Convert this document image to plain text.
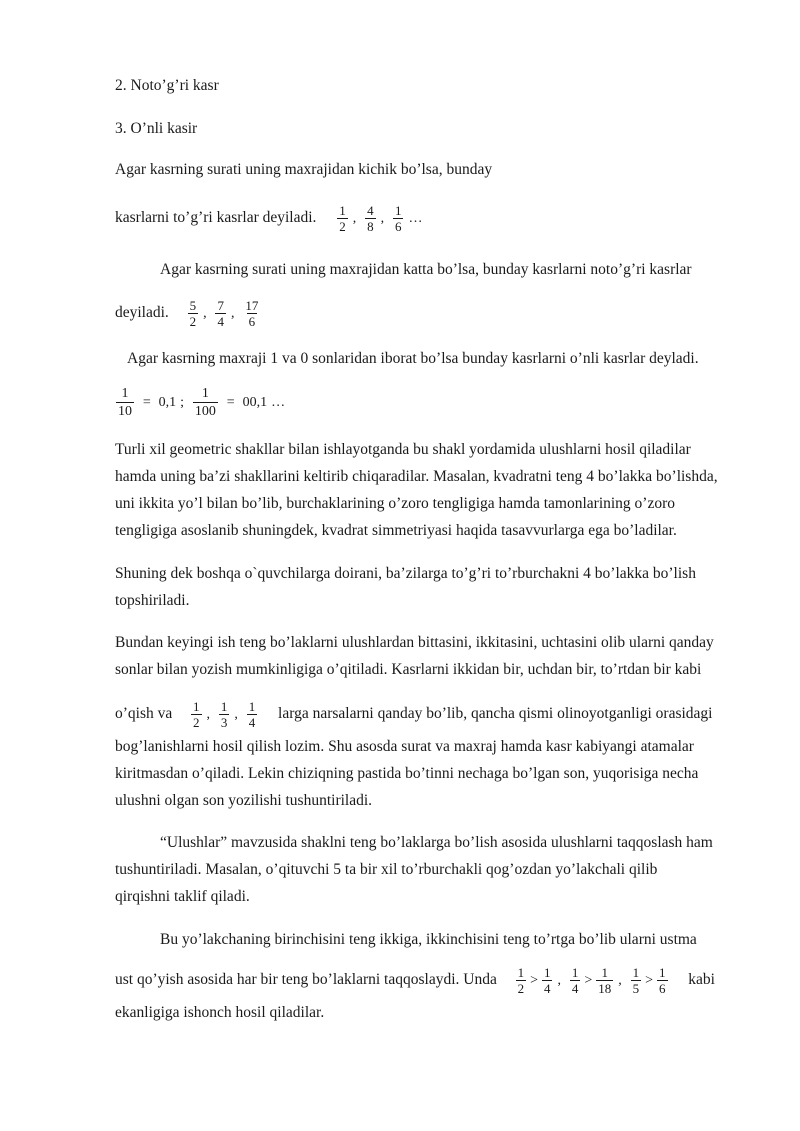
2. Noto’g’ri kasr
3. O’nli kasir
Agar kasrning surati uning maxrajidan kichik bo’lsa, bunday
kasrlarni to’g’ri kasrlar deyiladi. $\frac{1}{2}$ , $\frac{4}{8}$ , $\frac{1}{6}$ …
Agar kasrning surati uning maxrajidan katta bo’lsa, bunday kasrlarni noto’g’ri kasrlar
deyiladi. $\frac{5}{2}$ , $\frac{7}{4}$ , $\frac{17}{6}$
Agar kasrning maxraji 1 va 0 sonlaridan iborat bo’lsa bunday kasrlarni o’nli kasrlar deyladi.
$\frac{1}{10} = 0,1$ ; $\frac{1}{100} = 00,1$ …
Turli xil geometric shakllar bilan ishlayotganda bu shakl yordamida ulushlarni hosil qiladilar
hamda uning ba’zi shakllarini keltirib chiqaradilar. Masalan, kvadratni teng 4 bo’lakka bo’lishda,
uni ikkita yo’l bilan bo’lib, burchaklarining o’zoro tengligiga hamda tamonlarining o’zoro
tengligiga asoslanib shuningdek, kvadrat simmetriyasi haqida tasavvurlarga ega bo’ladilar.
Shuning dek boshqa o`quvchilarga doirani, ba’zilarga to’g’ri to’rburchakni 4 bo’lakka bo’lish
topshiriladi.
Bundan keyingi ish teng bo’laklarni ulushlardan bittasini, ikkitasini, uchtasini olib ularni qanday
sonlar bilan yozish mumkinligiga o’qitiladi. Kasrlarni ikkidan bir, uchdan bir, to’rtdan bir kabi
o’qish va $\frac{1}{2}$ , $\frac{1}{3}$ , $\frac{1}{4}$ larga narsalarni qanday bo’lib, qancha qismi olinoyotganligi orasidagi
bog’lanishlarni hosil qilish lozim. Shu asosda surat va maxraj hamda kasr kabiyangi atamalar
kiritmasdan o’qiladi. Lekin chiziqning pastida bo’tinni nechaga bo’lgan son, yuqorisiga necha
ulushni olgan son yozilishi tushuntiriladi.
“Ulushlar” mavzusida shaklni teng bo’laklarga bo’lish asosida ulushlarni taqqoslash ham
tushuntiriladi. Masalan, o’qituvchi 5 ta bir xil to’rburchakli qog’ozdan yo’lakchali qilib
qirqishni taklif qiladi.
Bu yo’lakchaning birinchisini teng ikkiga, ikkinchisini teng to’rtga bo’lib ularni ustma
ust qo’yish asosida har bir teng bo’laklarni taqqoslaydi. Unda $\frac{1}{2} > \frac{1}{4}$ , $\frac{1}{4} > \frac{1}{18}$ , $\frac{1}{5} > \frac{1}{6}$ kabi
ekanligiga ishonch hosil qiladilar.
